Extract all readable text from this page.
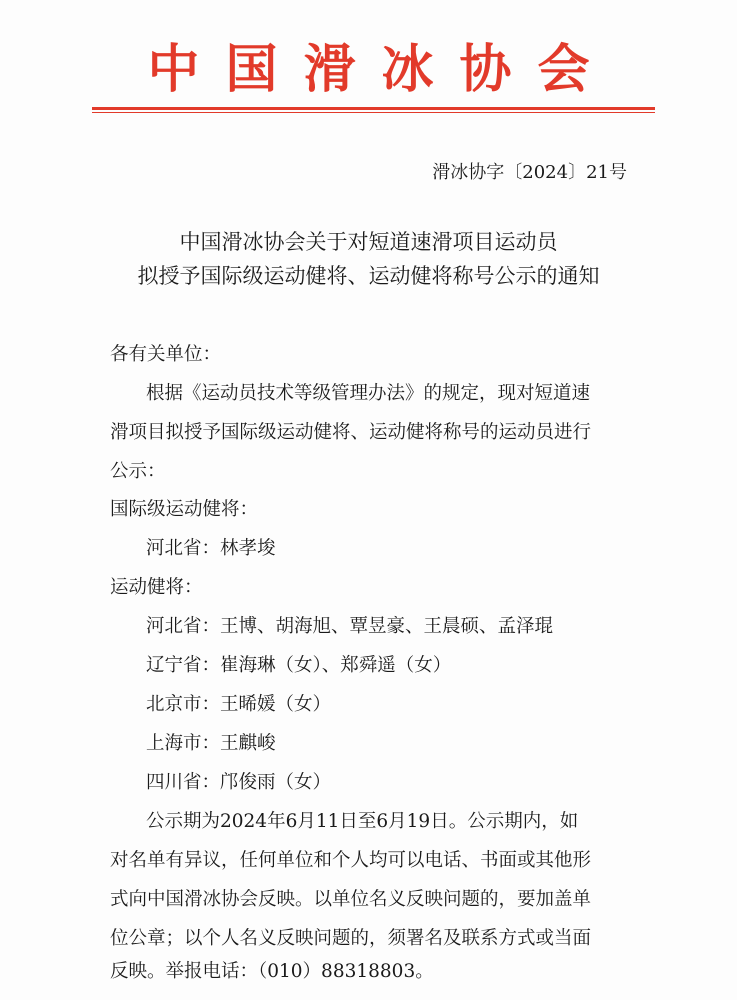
中国滑冰协会
滑冰协字〔2024〕21号
中国滑冰协会关于对短道速滑项目运动员
拟授予国际级运动健将、运动健将称号公示的通知
各有关单位：
根据《运动员技术等级管理办法》的规定，现对短道速
滑项目拟授予国际级运动健将、运动健将称号的运动员进行
公示：
国际级运动健将：
河北省：林孝埈
运动健将：
河北省：王博、胡海旭、覃昱豪、王晨硕、孟泽琨
辽宁省：崔海琳（女）、郑舜遥（女）
北京市：王晞媛（女）
上海市：王麒峻
四川省：邝俊雨（女）
公示期为2024年6月11日至6月19日。公示期内，如
对名单有异议，任何单位和个人均可以电话、书面或其他形
式向中国滑冰协会反映。以单位名义反映问题的，要加盖单
位公章；以个人名义反映问题的，须署名及联系方式或当面
反映。举报电话：（010）88318803。
